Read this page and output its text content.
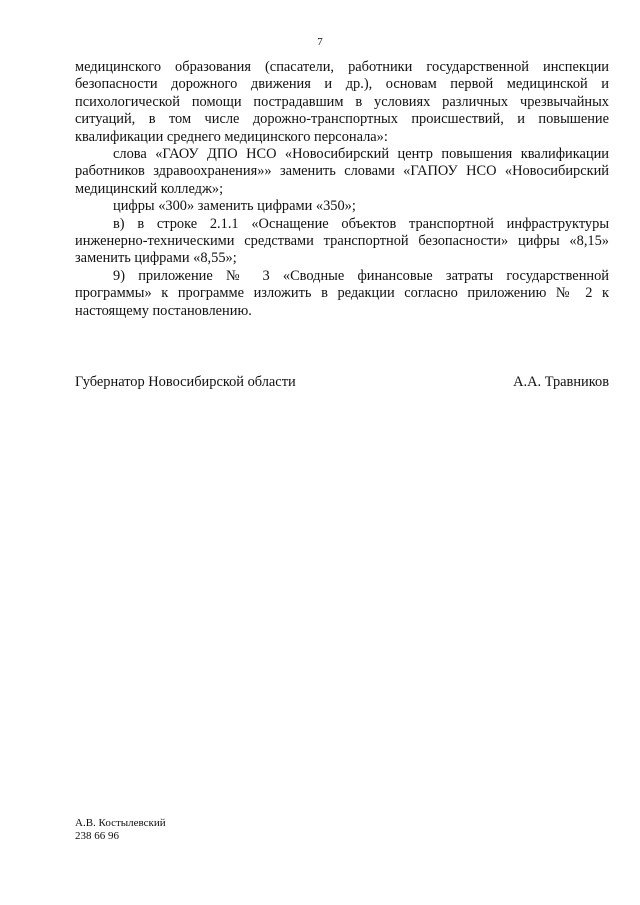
7

медицинского образования (спасатели, работники государственной инспекции безопасности дорожного движения и др.), основам первой медицинской и психологической помощи пострадавшим в условиях различных чрезвычайных ситуаций, в том числе дорожно-транспортных происшествий, и повышение квалификации среднего медицинского персонала»:

слова «ГАОУ ДПО НСО «Новосибирский центр повышения квалификации работников здравоохранения»» заменить словами «ГАПОУ НСО «Новосибирский медицинский колледж»;

цифры «300» заменить цифрами «350»;

в) в строке 2.1.1 «Оснащение объектов транспортной инфраструктуры инженерно-техническими средствами транспортной безопасности» цифры «8,15» заменить цифрами «8,55»;

9) приложение № 3 «Сводные финансовые затраты государственной программы» к программе изложить в редакции согласно приложению № 2 к настоящему постановлению.

Губернатор Новосибирской области	А.А. Травников
А.В. Костылевский
238 66 96
